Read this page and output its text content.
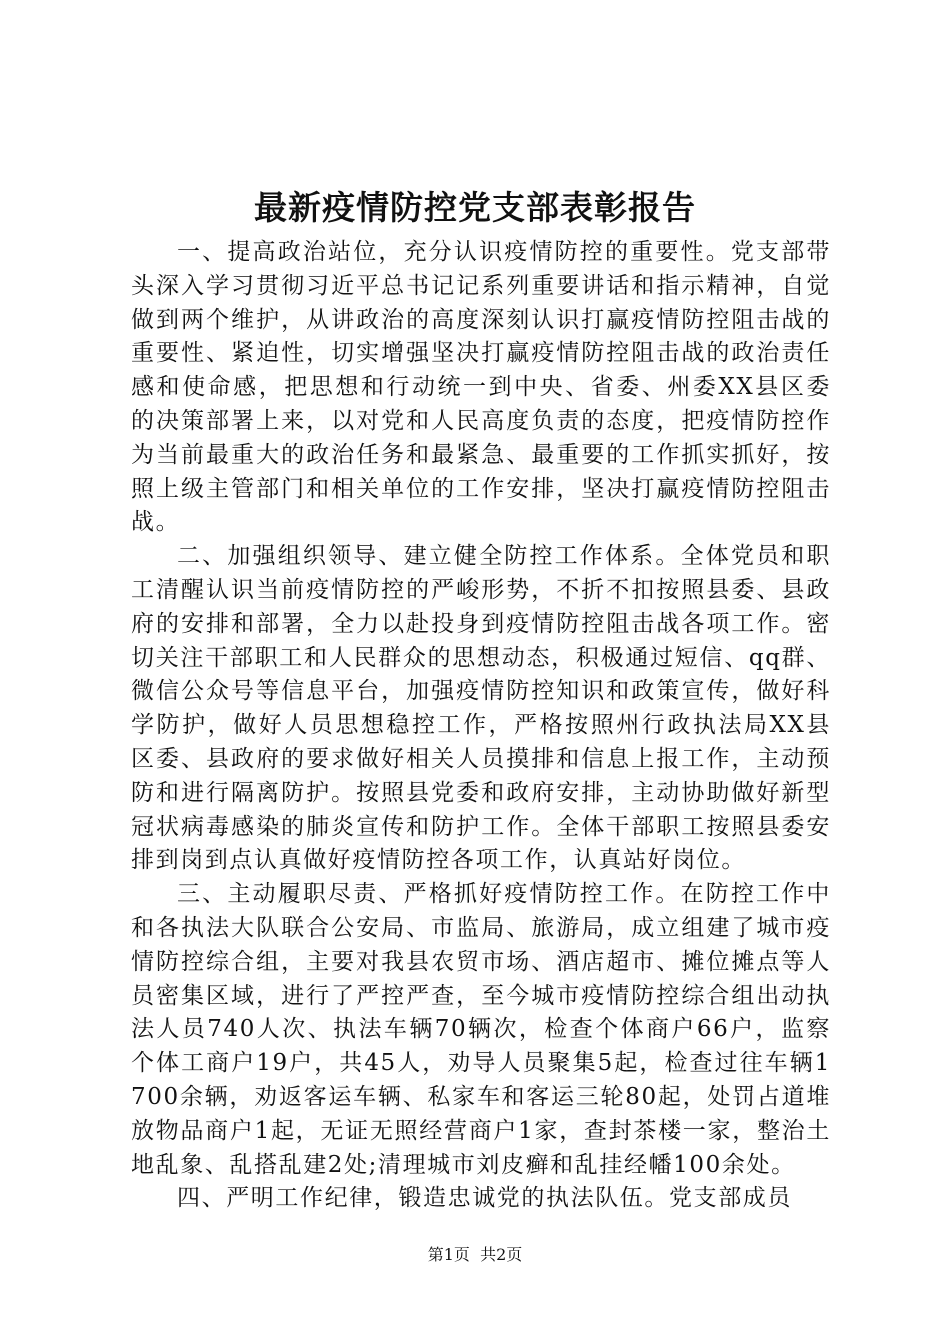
最新疫情防控党支部表彰报告

一、提高政治站位，充分认识疫情防控的重要性。党支部带头深入学习贯彻习近平总书记记系列重要讲话和指示精神，自觉做到两个维护，从讲政治的高度深刻认识打赢疫情防控阻击战的重要性、紧迫性，切实增强坚决打赢疫情防控阻击战的政治责任感和使命感，把思想和行动统一到中央、省委、州委XX县区委的决策部署上来，以对党和人民高度负责的态度，把疫情防控作为当前最重大的政治任务和最紧急、最重要的工作抓实抓好，按照上级主管部门和相关单位的工作安排，坚决打赢疫情防控阻击战。

二、加强组织领导、建立健全防控工作体系。全体党员和职工清醒认识当前疫情防控的严峻形势，不折不扣按照县委、县政府的安排和部署，全力以赴投身到疫情防控阻击战各项工作。密切关注干部职工和人民群众的思想动态，积极通过短信、qq群、微信公众号等信息平台，加强疫情防控知识和政策宣传，做好科学防护，做好人员思想稳控工作，严格按照州行政执法局XX县区委、县政府的要求做好相关人员摸排和信息上报工作，主动预防和进行隔离防护。按照县党委和政府安排，主动协助做好新型冠状病毒感染的肺炎宣传和防护工作。全体干部职工按照县委安排到岗到点认真做好疫情防控各项工作，认真站好岗位。

三、主动履职尽责、严格抓好疫情防控工作。在防控工作中和各执法大队联合公安局、市监局、旅游局，成立组建了城市疫情防控综合组，主要对我县农贸市场、酒店超市、摊位摊点等人员密集区域，进行了严控严查，至今城市疫情防控综合组出动执法人员740人次、执法车辆70辆次，检查个体商户66户，监察个体工商户19户，共45人，劝导人员聚集5起，检查过往车辆1700余辆，劝返客运车辆、私家车和客运三轮80起，处罚占道堆放物品商户1起，无证无照经营商户1家，查封茶楼一家，整治土地乱象、乱搭乱建2处;清理城市刘皮癣和乱挂经幡100余处。

四、严明工作纪律，锻造忠诚党的执法队伍。党支部成员

第1页 共2页
